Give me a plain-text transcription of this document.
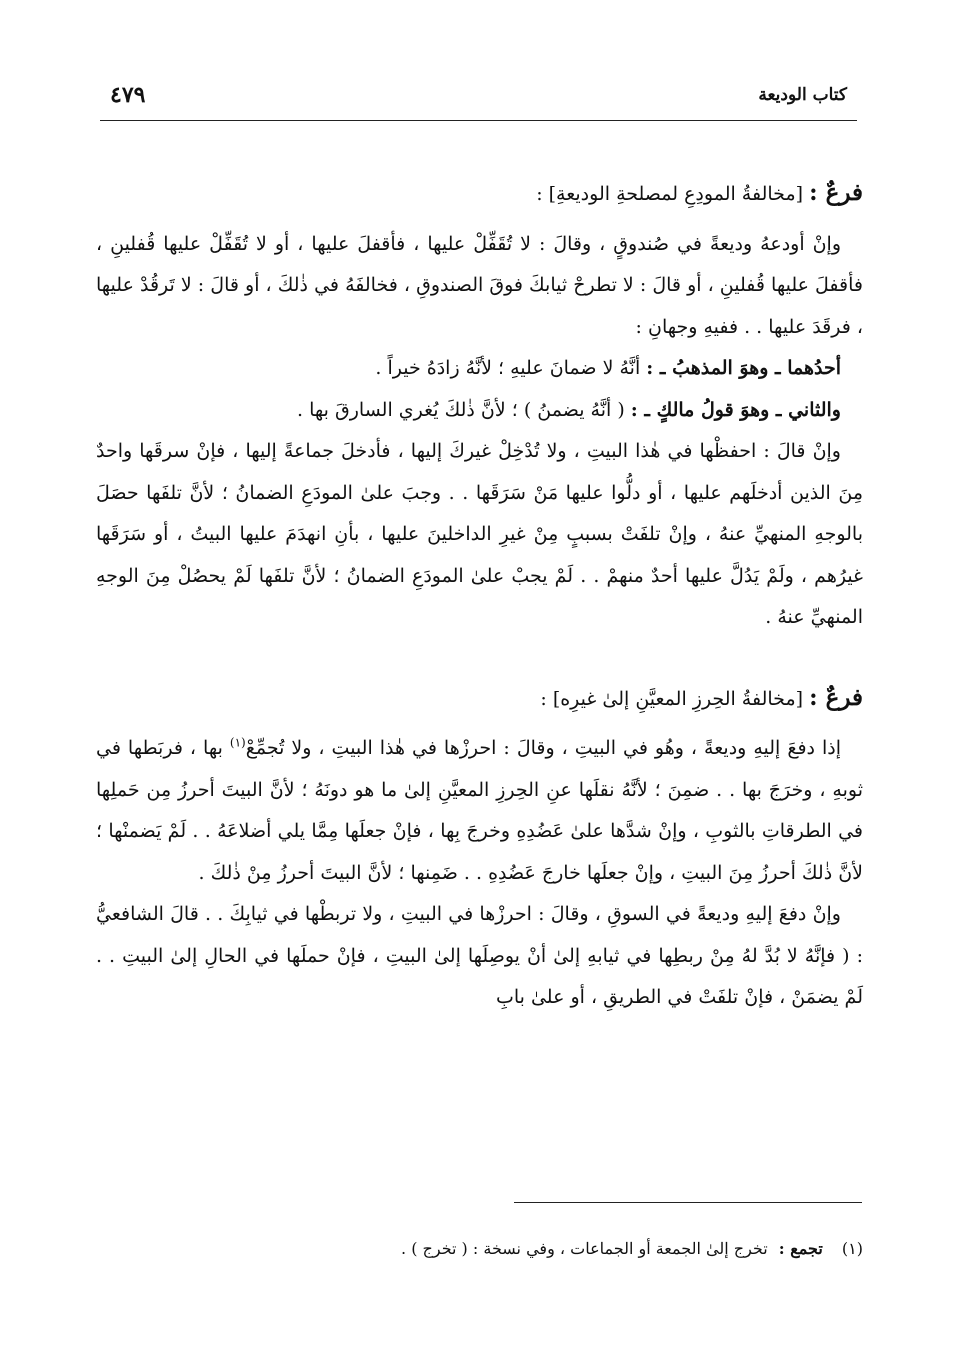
كتاب الوديعة
٤٧٩

فرعٌ : [مخالفةُ المودِعِ لمصلحةِ الوديعةِ] :

وإنْ أودعهُ وديعةً في صُندوقٍ ، وقالَ : لا تُقَفِّلْ عليها ، فأقفلَ عليها ، أو لا تُقَفِّلْ عليها قُفلينِ ، فأقفلَ عليها قُفلينِ ، أو قالَ : لا تطرحْ ثيابكَ فوقَ الصندوقِ ، فخالفَهُ في ذٰلكَ ، أو قالَ : لا تَرقُدْ عليها ، فرقَدَ عليها . . ففيهِ وجهانِ :

أحدُهما ـ وهوَ المذهبُ ـ : أنَّهُ لا ضمانَ عليهِ ؛ لأنَّهُ زادَهُ خيراً .

والثاني ـ وهوَ قولُ مالكٍ ـ : ( أنَّهُ يضمنُ ) ؛ لأنَّ ذٰلكَ يُغري السارقَ بها .

وإنْ قالَ : احفظْها في هٰذا البيتِ ، ولا تُدْخِلْ غيركَ إليها ، فأدخلَ جماعةً إليها ، فإنْ سرقَها واحدٌ مِنَ الذين أدخلَهم عليها ، أو دلُّوا عليها مَنْ سَرَقَها . . وجبَ علىٰ المودَعِ الضمانُ ؛ لأنَّ تلفَها حصَلَ بالوجهِ المنهيِّ عنهُ ، وإنْ تلفَتْ بسببٍ مِنْ غيرِ الداخلينَ عليها ، بأنِ انهدَمَ عليها البيتُ ، أو سَرَقَها غيرُهم ، ولَمْ يَدُلَّ عليها أحدٌ منهمْ . . لَمْ يجبْ علىٰ المودَعِ الضمانُ ؛ لأنَّ تلفَها لَمْ يحصُلْ مِنَ الوجهِ المنهيِّ عنهُ .

فرعٌ : [مخالفةُ الحِرزِ المعيَّنِ إلىٰ غيرِه] :

إذا دفعَ إليهِ وديعةً ، وهُو في البيتِ ، وقالَ : احرزْها في هٰذا البيتِ ، ولا تُجمِّعْ$^{(١)}$ بها ، فربَطها في ثوبهِ ، وخرَجَ بها . . ضمِنَ ؛ لأنَّهُ نقلَها عنِ الحِرزِ المعيَّنِ إلىٰ ما هو دونَهُ ؛ لأنَّ البيتَ أحرزُ مِن حَملِها في الطرقاتِ بالثوبِ ، وإنْ شدَّها علىٰ عَضُدِهِ وخرجَ بِها ، فإنْ جعلَها مِمَّا يلي أضلاعَهُ . . لَمْ يَضمنْها ؛ لأنَّ ذٰلكَ أحرزُ مِنَ البيتِ ، وإنْ جعلَها خارجَ عَضُدِهِ . . ضَمِنها ؛ لأنَّ البيتَ أحرزُ مِنْ ذٰلكَ .

وإنْ دفعَ إليهِ وديعةً في السوقِ ، وقالَ : احرزْها في البيتِ ، ولا تربطْها في ثيابِكَ . . قالَ الشافعيُّ : ( فإنَّهُ لا بُدَّ لهُ مِنْ ربطِها في ثيابهِ إلىٰ أنْ يوصِلَها إلىٰ البيتِ ، فإنْ حملَها في الحالِ إلىٰ البيتِ . . لَمْ يضمَنْ ، فإنْ تلفَتْ في الطريقِ ، أو علىٰ بابِ

(١) تجمع : تخرج إلىٰ الجمعة أو الجماعات ، وفي نسخة : ( تخرج ) .
